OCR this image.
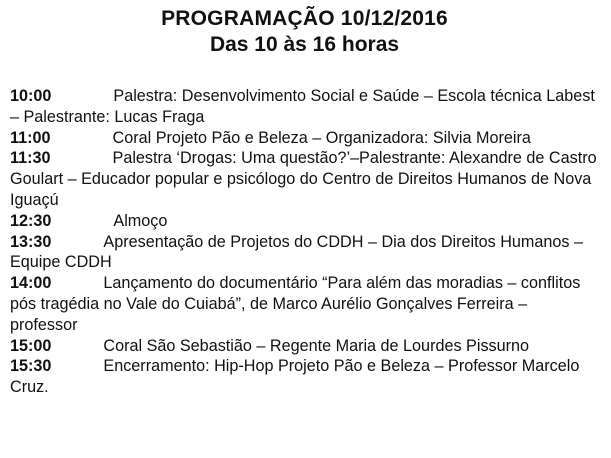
PROGRAMAÇÃO 10/12/2016
Das 10 às 16 horas

10:00	Palestra: Desenvolvimento Social e Saúde – Escola técnica Labest – Palestrante: Lucas Fraga

11:00	Coral Projeto Pão e Beleza – Organizadora: Silvia Moreira

11:30	Palestra ‘Drogas: Uma questão?’–Palestrante: Alexandre de Castro Goulart – Educador popular e psicólogo do Centro de Direitos Humanos de Nova Iguaçú

12:30	Almoço

13:30	Apresentação de Projetos do CDDH – Dia dos Direitos Humanos – Equipe CDDH

14:00	Lançamento do documentário “Para além das moradias – conflitos pós tragédia no Vale do Cuiabá”, de Marco Aurélio Gonçalves Ferreira – professor

15:00	Coral São Sebastião – Regente Maria de Lourdes Pissurno

15:30	Encerramento: Hip-Hop Projeto Pão e Beleza – Professor Marcelo Cruz.
